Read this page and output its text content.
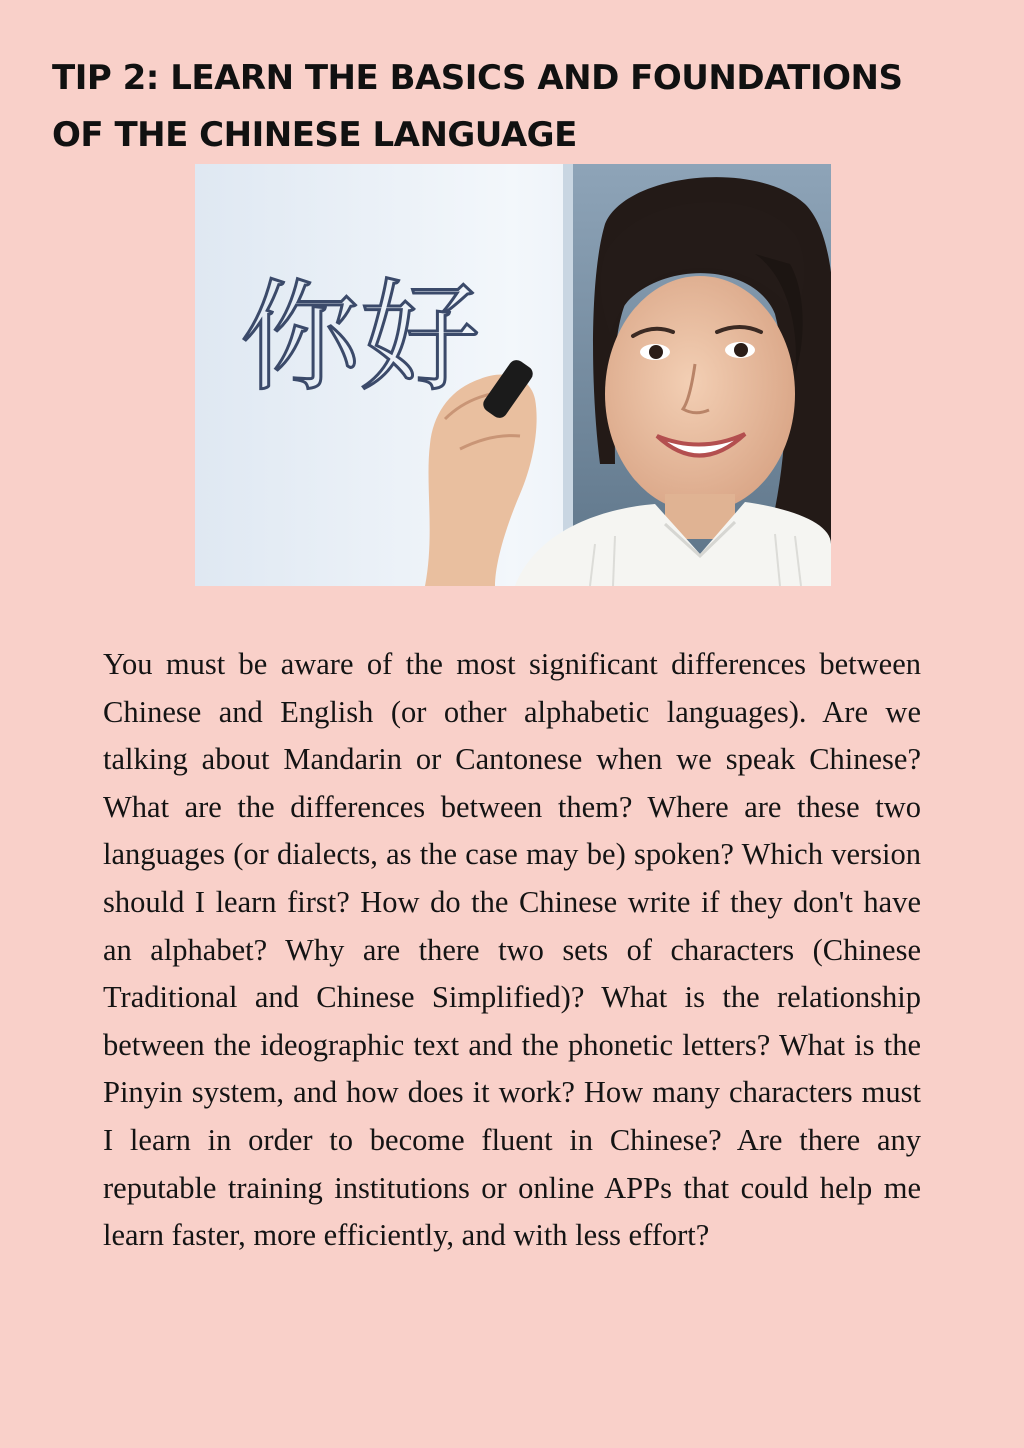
TIP 2: LEARN THE BASICS AND FOUNDATIONS
OF THE CHINESE LANGUAGE
你好

You must be aware of the most significant differences between Chinese and English (or other alphabetic languages). Are we talking about Mandarin or Cantonese when we speak Chinese? What are the differences between them? Where are these two languages (or dialects, as the case may be) spoken? Which version should I learn first? How do the Chinese write if they don't have an alphabet? Why are there two sets of characters (Chinese Traditional and Chinese Simplified)? What is the relationship between the ideographic text and the phonetic letters? What is the Pinyin system, and how does it work? How many characters must I learn in order to become fluent in Chinese? Are there any reputable training institutions or online APPs that could help me learn faster, more efficiently, and with less effort?
